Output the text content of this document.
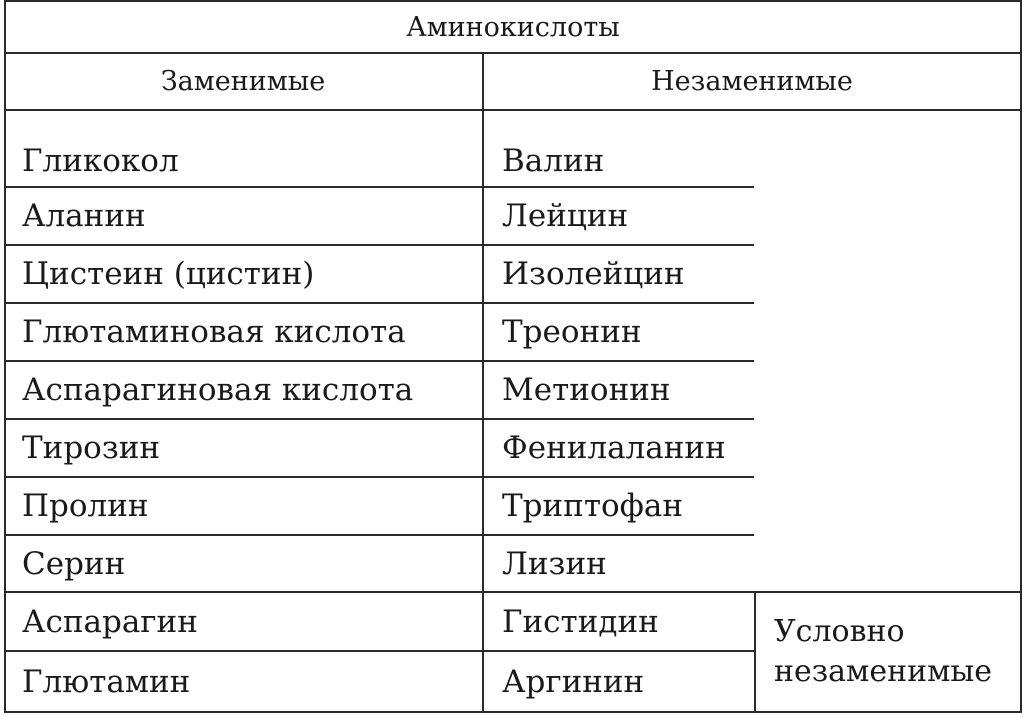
Аминокислоты
Заменимые	Незаменимые
Гликокол
Аланин
Цистеин (цистин)
Глютаминовая кислота
Аспарагиновая кислота
Тирозин
Пролин
Серин
Аспарагин
Глютамин
Валин
Лейцин
Изолейцин
Треонин
Метионин
Фенилаланин
Триптофан
Лизин
Гистидин
Аргинин
Условно
незаменимые
